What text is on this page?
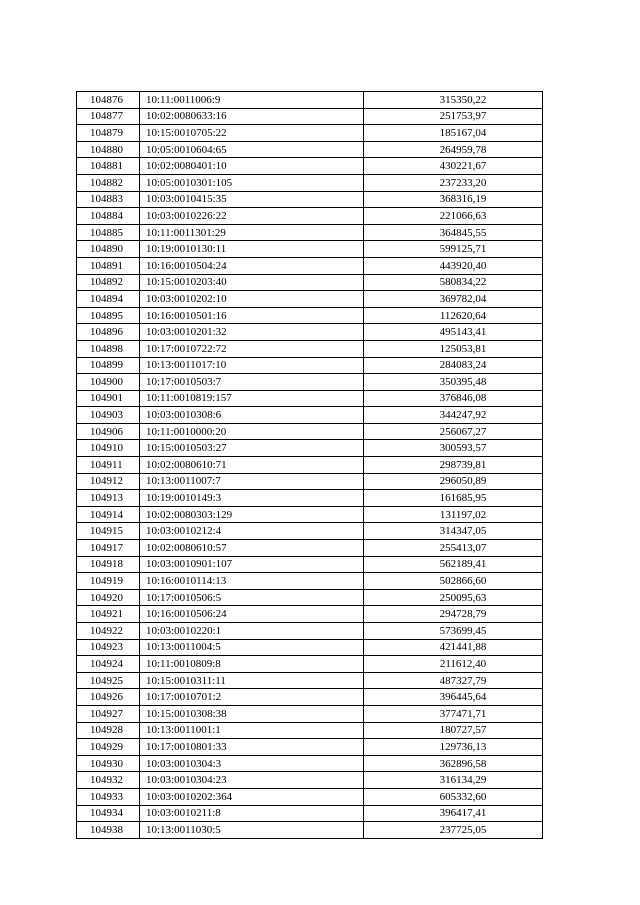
104876	10:11:0011006:9	315350,22
104877	10:02:0080633:16	251753,97
104879	10:15:0010705:22	185167,04
104880	10:05:0010604:65	264959,78
104881	10:02:0080401:10	430221,67
104882	10:05:0010301:105	237233,20
104883	10:03:0010415:35	368316,19
104884	10:03:0010226:22	221066,63
104885	10:11:0011301:29	364845,55
104890	10:19:0010130:11	599125,71
104891	10:16:0010504:24	443920,40
104892	10:15:0010203:40	580834,22
104894	10:03:0010202:10	369782,04
104895	10:16:0010501:16	112620,64
104896	10:03:0010201:32	495143,41
104898	10:17:0010722:72	125053,81
104899	10:13:0011017:10	284083,24
104900	10:17:0010503:7	350395,48
104901	10:11:0010819:157	376846,08
104903	10:03:0010308:6	344247,92
104906	10:11:0010000:20	256067,27
104910	10:15:0010503:27	300593,57
104911	10:02:0080610:71	298739,81
104912	10:13:0011007:7	296050,89
104913	10:19:0010149:3	161685,95
104914	10:02:0080303:129	131197,02
104915	10:03:0010212:4	314347,05
104917	10:02:0080610:57	255413,07
104918	10:03:0010901:107	562189,41
104919	10:16:0010114:13	502866,60
104920	10:17:0010506:5	250095,63
104921	10:16:0010506:24	294728,79
104922	10:03:0010220:1	573699,45
104923	10:13:0011004:5	421441,88
104924	10:11:0010809:8	211612,40
104925	10:15:0010311:11	487327,79
104926	10:17:0010701:2	396445,64
104927	10:15:0010308:38	377471,71
104928	10:13:0011001:1	180727,57
104929	10:17:0010801:33	129736,13
104930	10:03:0010304:3	362896,58
104932	10:03:0010304:23	316134,29
104933	10:03:0010202:364	605332,60
104934	10:03:0010211:8	396417,41
104938	10:13:0011030:5	237725,05
